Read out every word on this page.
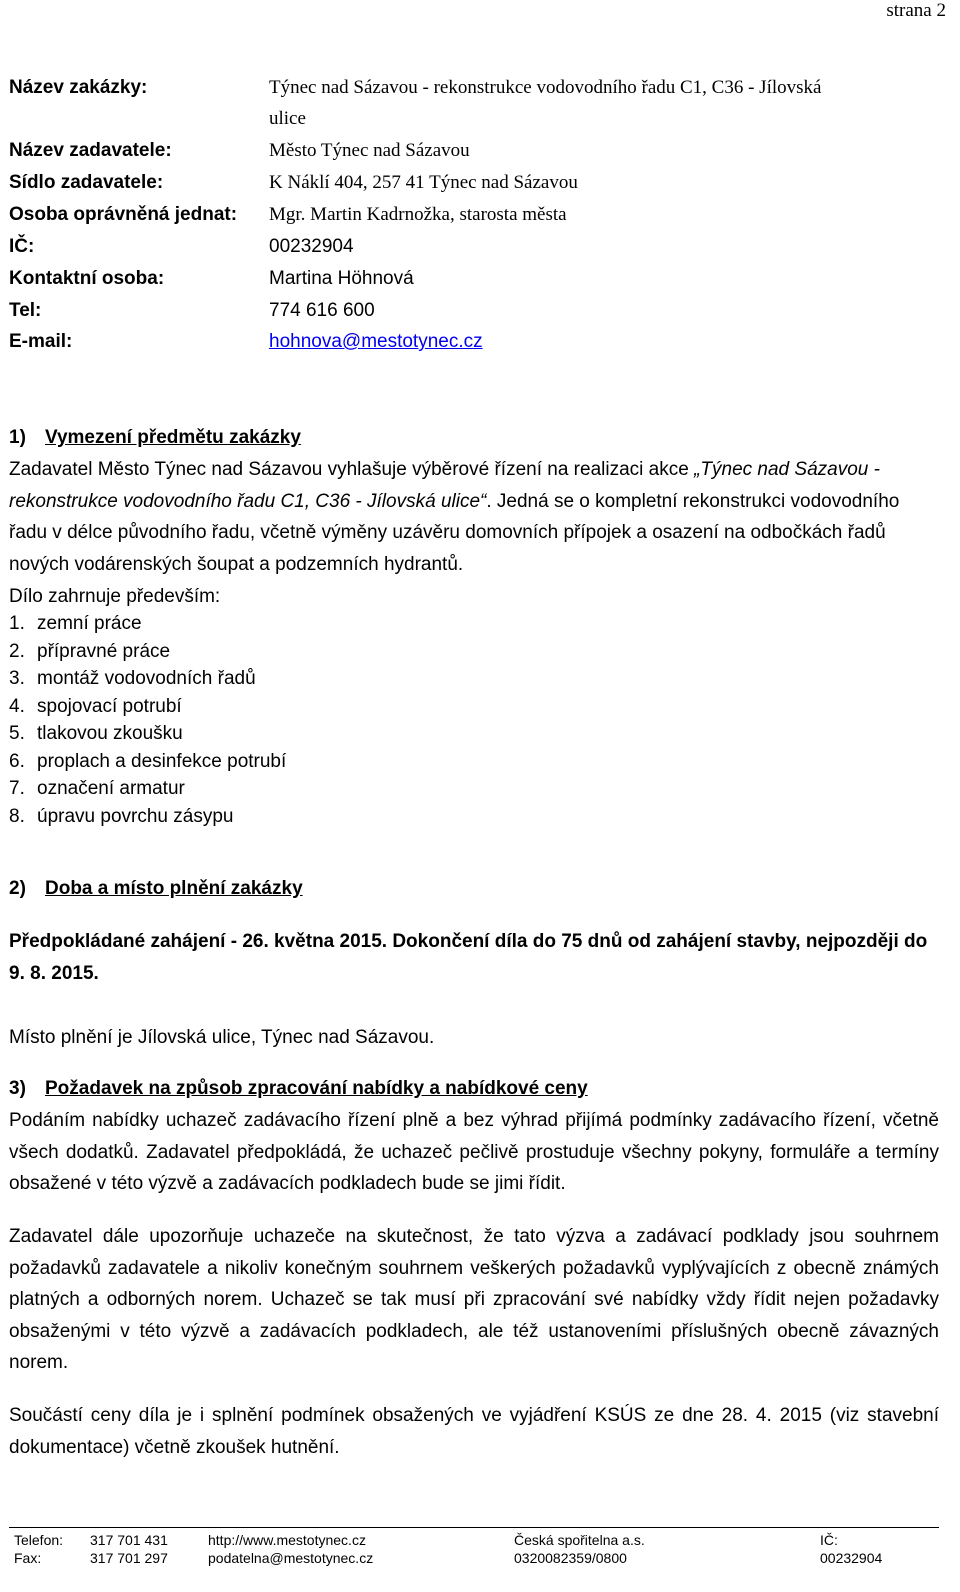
strana 2
Název zakázky:	Týnec nad Sázavou - rekonstrukce vodovodního řadu C1, C36 - Jílovská
ulice
Název zadavatele:	Město Týnec nad Sázavou
Sídlo zadavatele:	K Náklí 404, 257 41 Týnec nad Sázavou
Osoba oprávněná jednat: Mgr. Martin Kadrnožka, starosta města
IČ:	00232904
Kontaktní osoba:	Martina Höhnová
Tel:	774 616 600
E-mail:	hohnova@mestotynec.cz
1) Vymezení předmětu zakázky

Zadavatel Město Týnec nad Sázavou vyhlašuje výběrové řízení na realizaci akce „Týnec nad Sázavou - rekonstrukce vodovodního řadu C1, C36 - Jílovská ulice“. Jedná se o kompletní rekonstrukci vodovodního řadu v délce původního řadu, včetně výměny uzávěru domovních přípojek a osazení na odbočkách řadů nových vodárenských šoupat a podzemních hydrantů.

Dílo zahrnuje především:
1. zemní práce
2. přípravné práce
3. montáž vodovodních řadů
4. spojovací potrubí
5. tlakovou zkoušku
6. proplach a desinfekce potrubí
7. označení armatur
8. úpravu povrchu zásypu
2) Doba a místo plnění zakázky

Předpokládané zahájení - 26. května 2015. Dokončení díla do 75 dnů od zahájení stavby, nejpozději do 9. 8. 2015.

Místo plnění je Jílovská ulice, Týnec nad Sázavou.

3) Požadavek na způsob zpracování nabídky a nabídkové ceny

Podáním nabídky uchazeč zadávacího řízení plně a bez výhrad přijímá podmínky zadávacího řízení, včetně všech dodatků. Zadavatel předpokládá, že uchazeč pečlivě prostuduje všechny pokyny, formuláře a termíny obsažené v této výzvě a zadávacích podkladech bude se jimi řídit.

Zadavatel dále upozorňuje uchazeče na skutečnost, že tato výzva a zadávací podklady jsou souhrnem požadavků zadavatele a nikoliv konečným souhrnem veškerých požadavků vyplývajících z obecně známých platných a odborných norem. Uchazeč se tak musí při zpracování své nabídky vždy řídit nejen požadavky obsaženými v této výzvě a zadávacích podkladech, ale též ustanoveními příslušných obecně závazných norem.

Součástí ceny díla je i splnění podmínek obsažených ve vyjádření KSÚS ze dne 28. 4. 2015 (viz stavební dokumentace) včetně zkoušek hutnění.

Telefon: 317 701 431	http://www.mestotynec.cz	Česká spořitelna a.s.	IČ:
Fax:	317 701 297	podatelna@mestotynec.cz	0320082359/0800	00232904
